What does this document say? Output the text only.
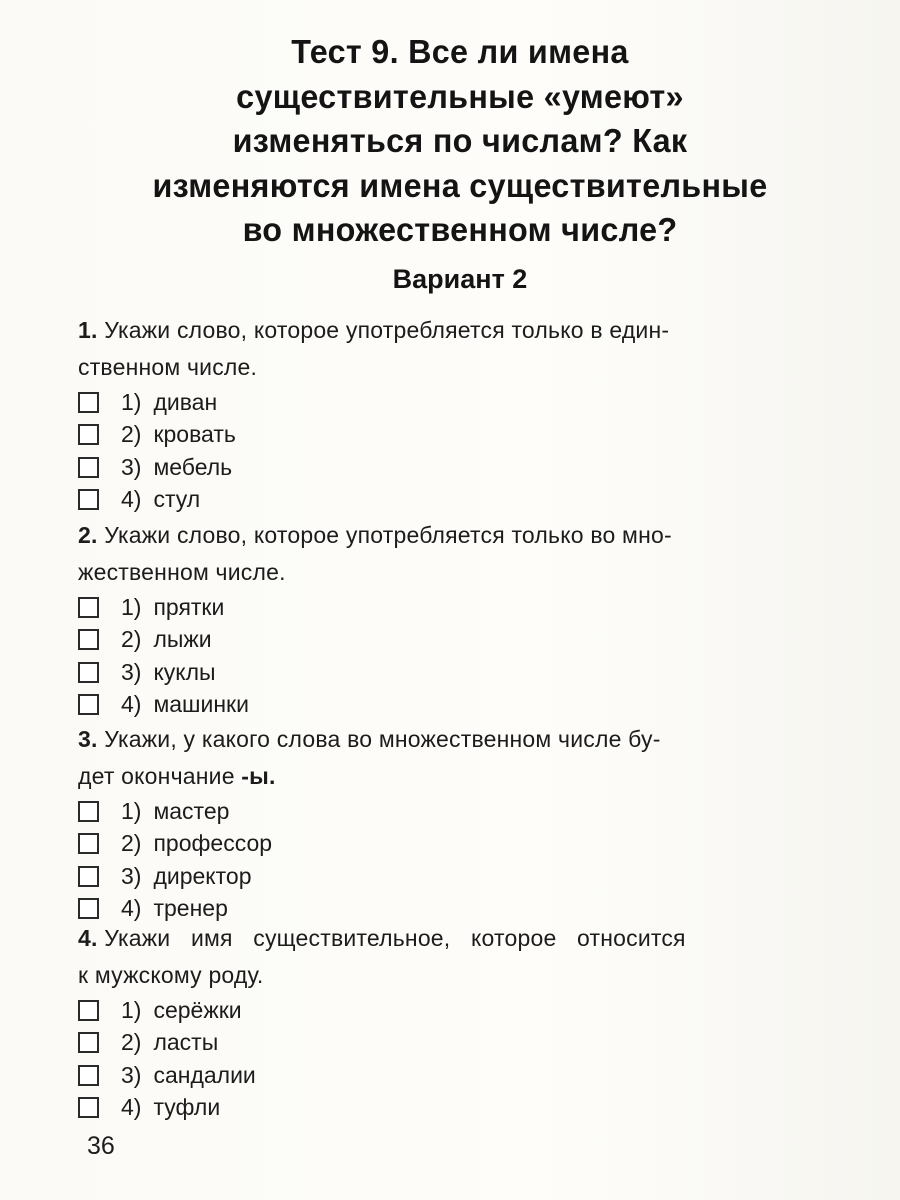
Тест 9. Все ли имена
существительные «умеют»
изменяться по числам? Как
изменяются имена существительные
во множественном числе?
Вариант 2
1. Укажи слово, которое употребляется только в един-
ственном числе.
1) диван
2) кровать
3) мебель
4) стул
2. Укажи слово, которое употребляется только во мно-
жественном числе.
1) прятки
2) лыжи
3) куклы
4) машинки
3. Укажи, у какого слова во множественном числе бу-
дет окончание -ы.
1) мастер
2) профессор
3) директор
4) тренер
4. Укажи имя существительное, которое относится
к мужскому роду.
1) серёжки
2) ласты
3) сандалии
4) туфли
36
